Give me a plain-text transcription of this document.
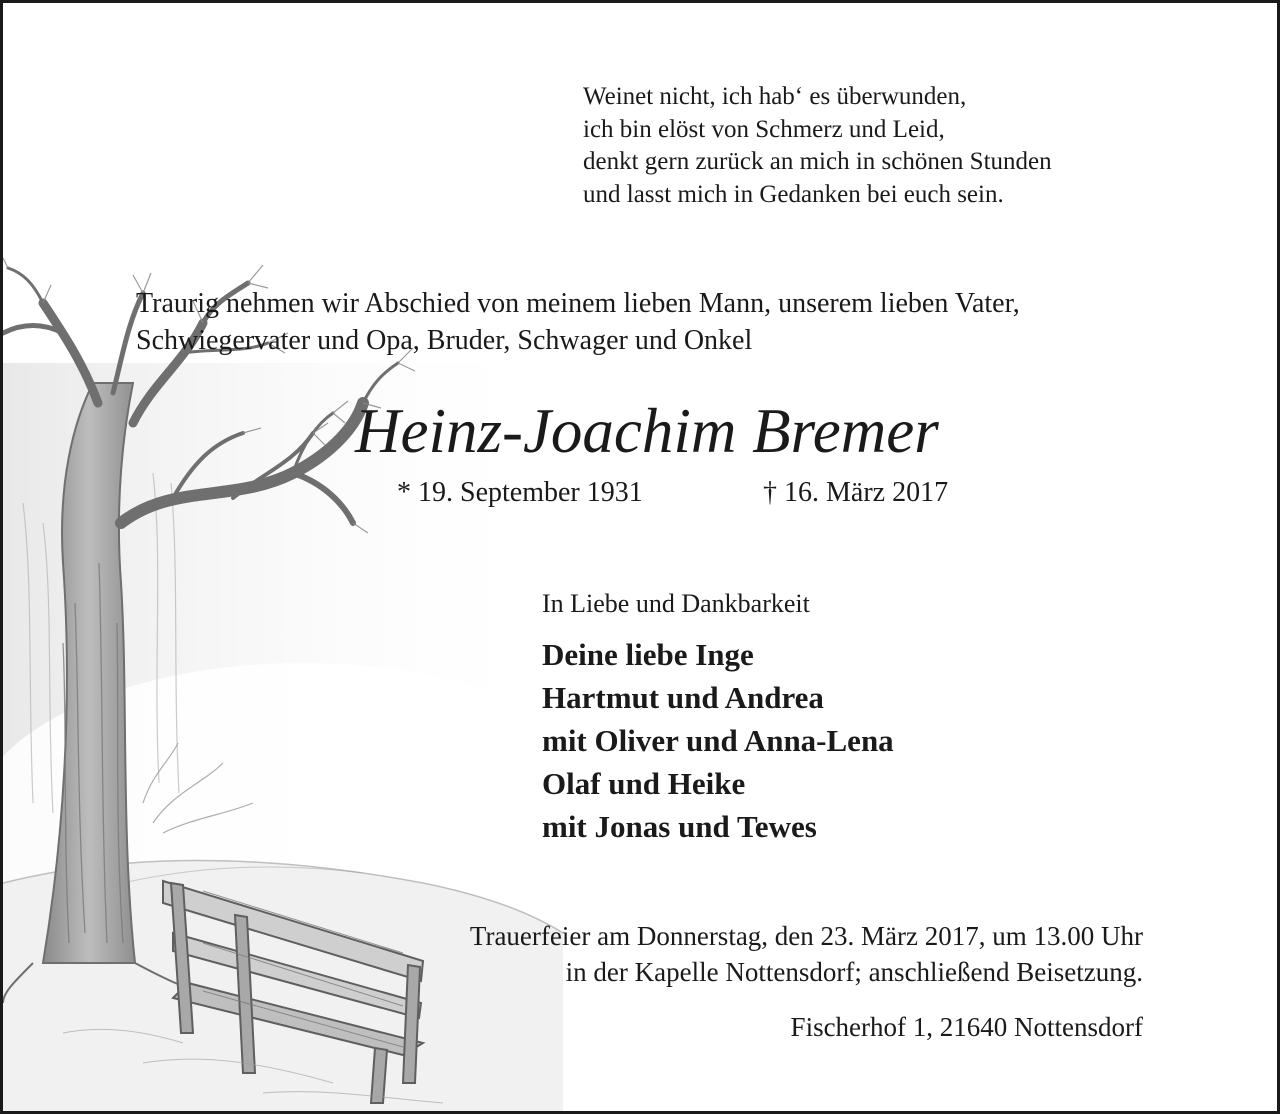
Weinet nicht, ich hab‘ es überwunden,
ich bin elöst von Schmerz und Leid,
denkt gern zurück an mich in schönen Stunden
und lasst mich in Gedanken bei euch sein.
Traurig nehmen wir Abschied von meinem lieben Mann, unserem lieben Vater,
Schwiegervater und Opa, Bruder, Schwager und Onkel
Heinz-Joachim Bremer
* 19. September 1931	† 16. März 2017
In Liebe und Dankbarkeit
Deine liebe Inge
Hartmut und Andrea
mit Oliver und Anna-Lena
Olaf und Heike
mit Jonas und Tewes
Trauerfeier am Donnerstag, den 23. März 2017, um 13.00 Uhr
in der Kapelle Nottensdorf; anschließend Beisetzung.
Fischerhof 1, 21640 Nottensdorf
